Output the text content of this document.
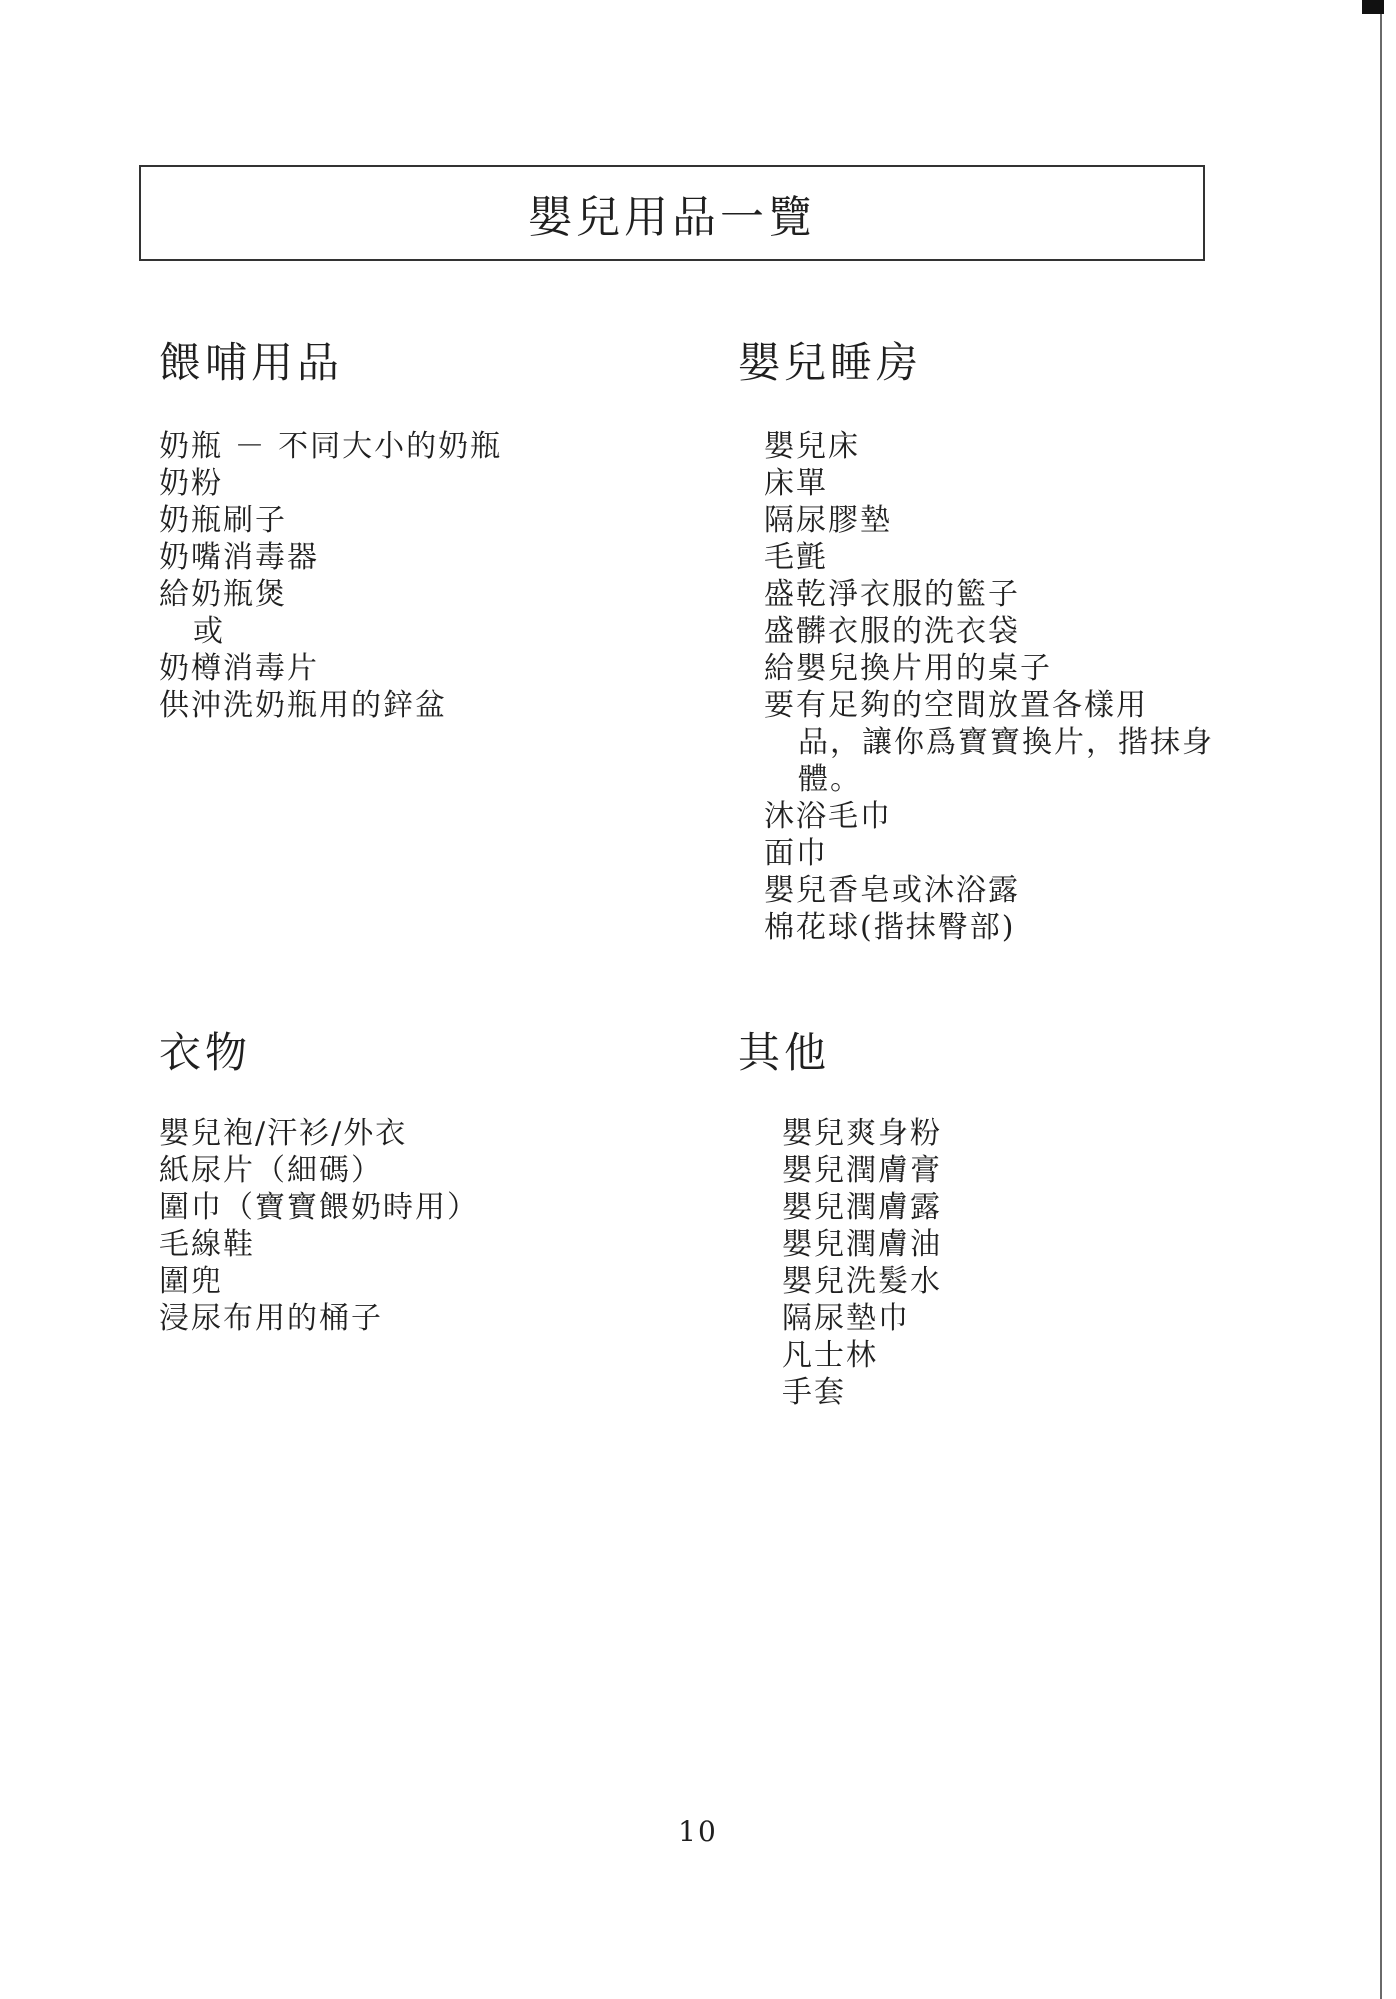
嬰兒用品一覽
餵哺用品
奶瓶 － 不同大小的奶瓶
奶粉
奶瓶刷子
奶嘴消毒器
給奶瓶煲
或
奶樽消毒片
供沖洗奶瓶用的鋅盆
嬰兒睡房
嬰兒床
床單
隔尿膠墊
毛氈
盛乾淨衣服的籃子
盛髒衣服的洗衣袋
給嬰兒換片用的桌子
要有足夠的空間放置各樣用
品，讓你爲寶寶換片，揩抹身體。
沐浴毛巾
面巾
嬰兒香皂或沐浴露
棉花球(揩抹臀部)
衣物
嬰兒袍/汗衫/外衣
紙尿片（細碼）
圍巾（寶寶餵奶時用）
毛線鞋
圍兜
浸尿布用的桶子
其他
嬰兒爽身粉
嬰兒潤膚膏
嬰兒潤膚露
嬰兒潤膚油
嬰兒洗髮水
隔尿墊巾
凡士林
手套
10
